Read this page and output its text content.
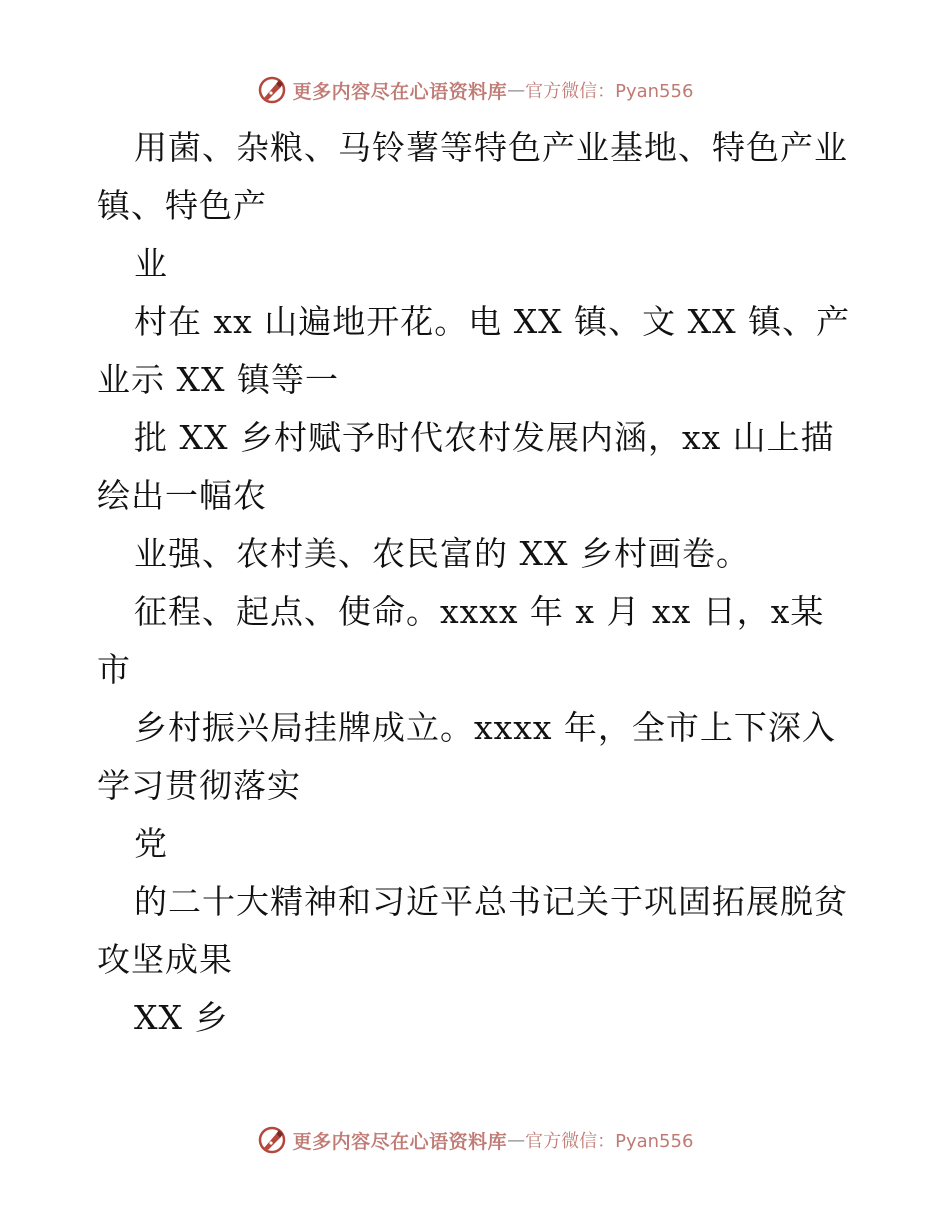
更多内容尽在心语资料库 — 官方微信：Pyan556
用菌、杂粮、马铃薯等特色产业基地、特色产业
镇、特色产
业
村在 xx 山遍地开花。电 XX 镇、文 XX 镇、产
业示 XX 镇等一
批 XX 乡村赋予时代农村发展内涵，xx 山上描
绘出一幅农
业强、农村美、农民富的 XX 乡村画卷。
征程、起点、使命。xxxx 年 x 月 xx 日，x某
市
乡村振兴局挂牌成立。xxxx 年，全市上下深入
学习贯彻落实
党
的二十大精神和习近平总书记关于巩固拓展脱贫
攻坚成果
XX 乡
更多内容尽在心语资料库 — 官方微信：Pyan556
